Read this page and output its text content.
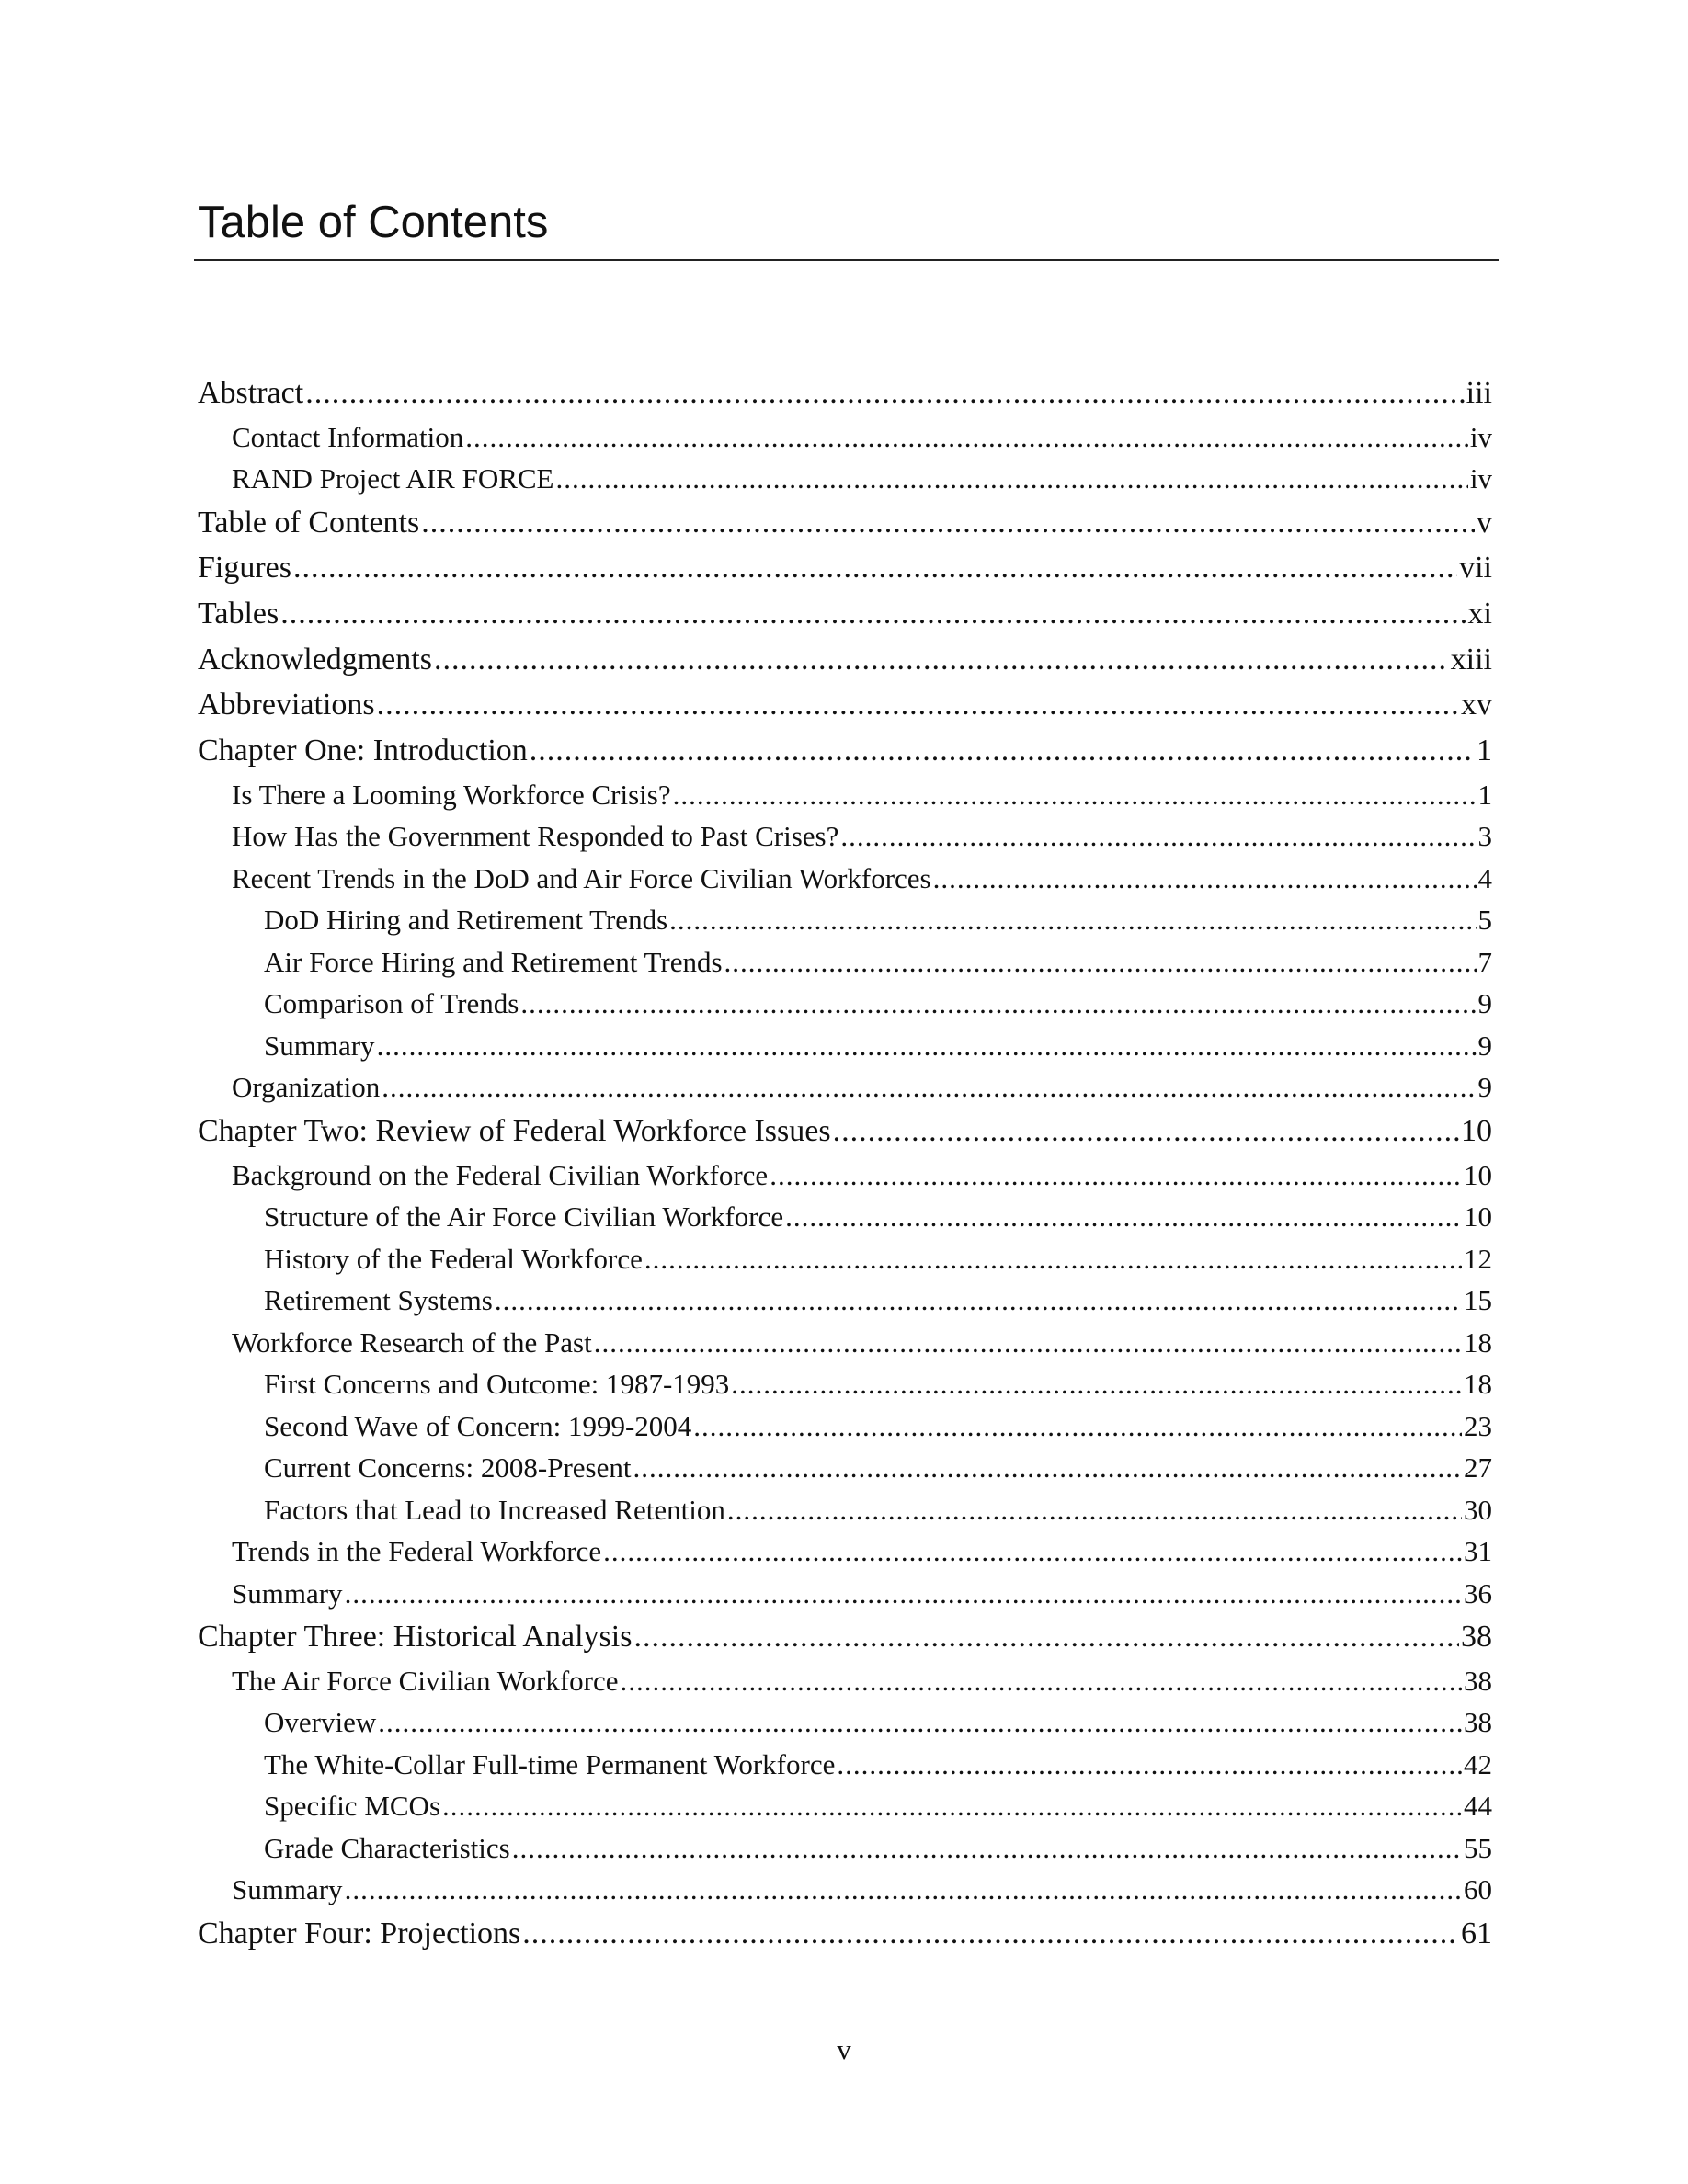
Table of Contents
Abstract .....	iii
Contact Information .....	iv
RAND Project AIR FORCE .....	iv
Table of Contents .....	v
Figures .....	vii
Tables .....	xi
Acknowledgments .....	xiii
Abbreviations .....	xv
Chapter One: Introduction .....	1
Is There a Looming Workforce Crisis? .....	1
How Has the Government Responded to Past Crises? .....	3
Recent Trends in the DoD and Air Force Civilian Workforces .....	4
DoD Hiring and Retirement Trends .....	5
Air Force Hiring and Retirement Trends .....	7
Comparison of Trends .....	9
Summary .....	9
Organization .....	9
Chapter Two: Review of Federal Workforce Issues .....	10
Background on the Federal Civilian Workforce .....	10
Structure of the Air Force Civilian Workforce .....	10
History of the Federal Workforce .....	12
Retirement Systems .....	15
Workforce Research of the Past .....	18
First Concerns and Outcome: 1987-1993 .....	18
Second Wave of Concern: 1999-2004 .....	23
Current Concerns: 2008-Present .....	27
Factors that Lead to Increased Retention .....	30
Trends in the Federal Workforce .....	31
Summary .....	36
Chapter Three: Historical Analysis .....	38
The Air Force Civilian Workforce .....	38
Overview .....	38
The White-Collar Full-time Permanent Workforce .....	42
Specific MCOs .....	44
Grade Characteristics .....	55
Summary .....	60
Chapter Four: Projections .....	61
v
